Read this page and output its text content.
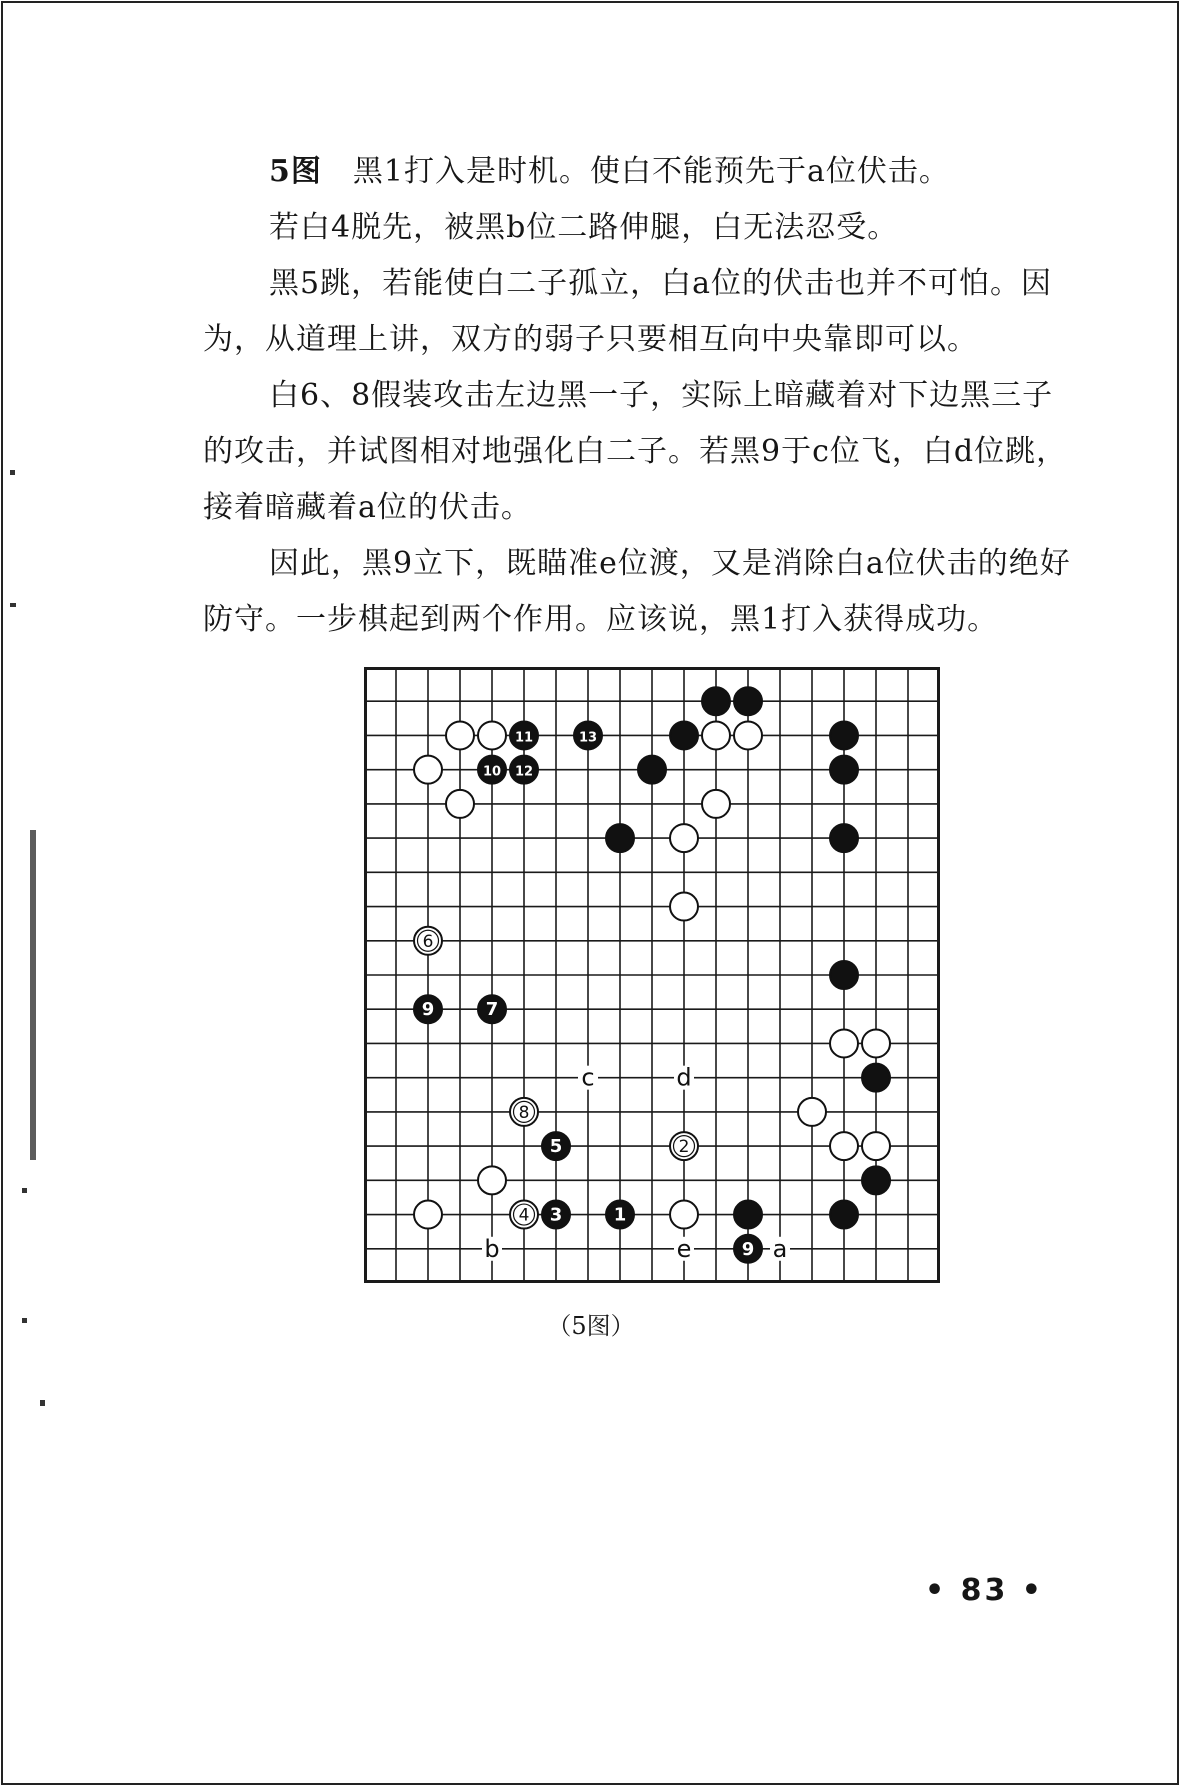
5图　 黑1打入是时机。使白不能预先于a位伏击。

若白4脱先，被黑b位二路伸腿，白无法忍受。

黑5跳，若能使白二子孤立，白a位的伏击也并不可怕。因为，从道理上讲，双方的弱子只要相互向中央靠即可以。

白6、8假装攻击左边黑一子，实际上暗藏着对下边黑三子的攻击，并试图相对地强化白二子。若黑9于c位飞，白d位跳，接着暗藏着a位的伏击。

因此，黑9立下，既瞄准e位渡，又是消除白a位伏击的绝好防守。一步棋起到两个作用。应该说，黑1打入获得成功。

11
10 12
13
9	7
5
3	1
9
6
8
2
4
c	d
b	e	a
（5图）
• 83 •
